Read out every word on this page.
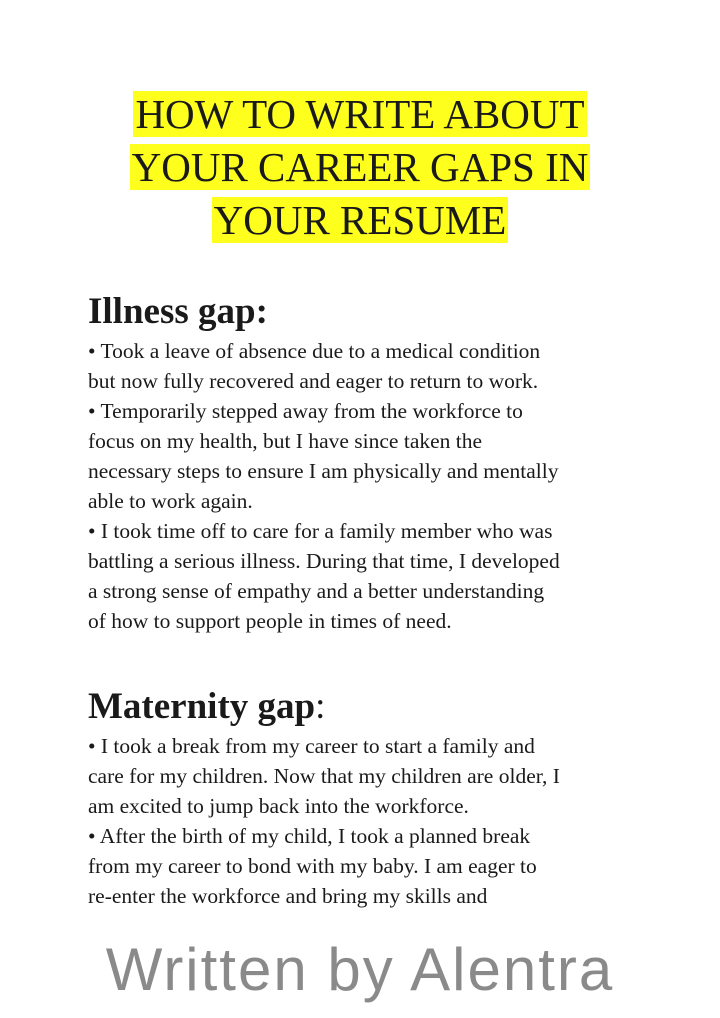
HOW TO WRITE ABOUT
YOUR CAREER GAPS IN
YOUR RESUME
Illness gap:
• Took a leave of absence due to a medical condition
but now fully recovered and eager to return to work.
• Temporarily stepped away from the workforce to
focus on my health, but I have since taken the
necessary steps to ensure I am physically and mentally
able to work again.
• I took time off to care for a family member who was
battling a serious illness. During that time, I developed
a strong sense of empathy and a better understanding
of how to support people in times of need.
Maternity gap:
• I took a break from my career to start a family and
care for my children. Now that my children are older, I
am excited to jump back into the workforce.
• After the birth of my child, I took a planned break
from my career to bond with my baby. I am eager to
re-enter the workforce and bring my skills and
Written by Alentra
